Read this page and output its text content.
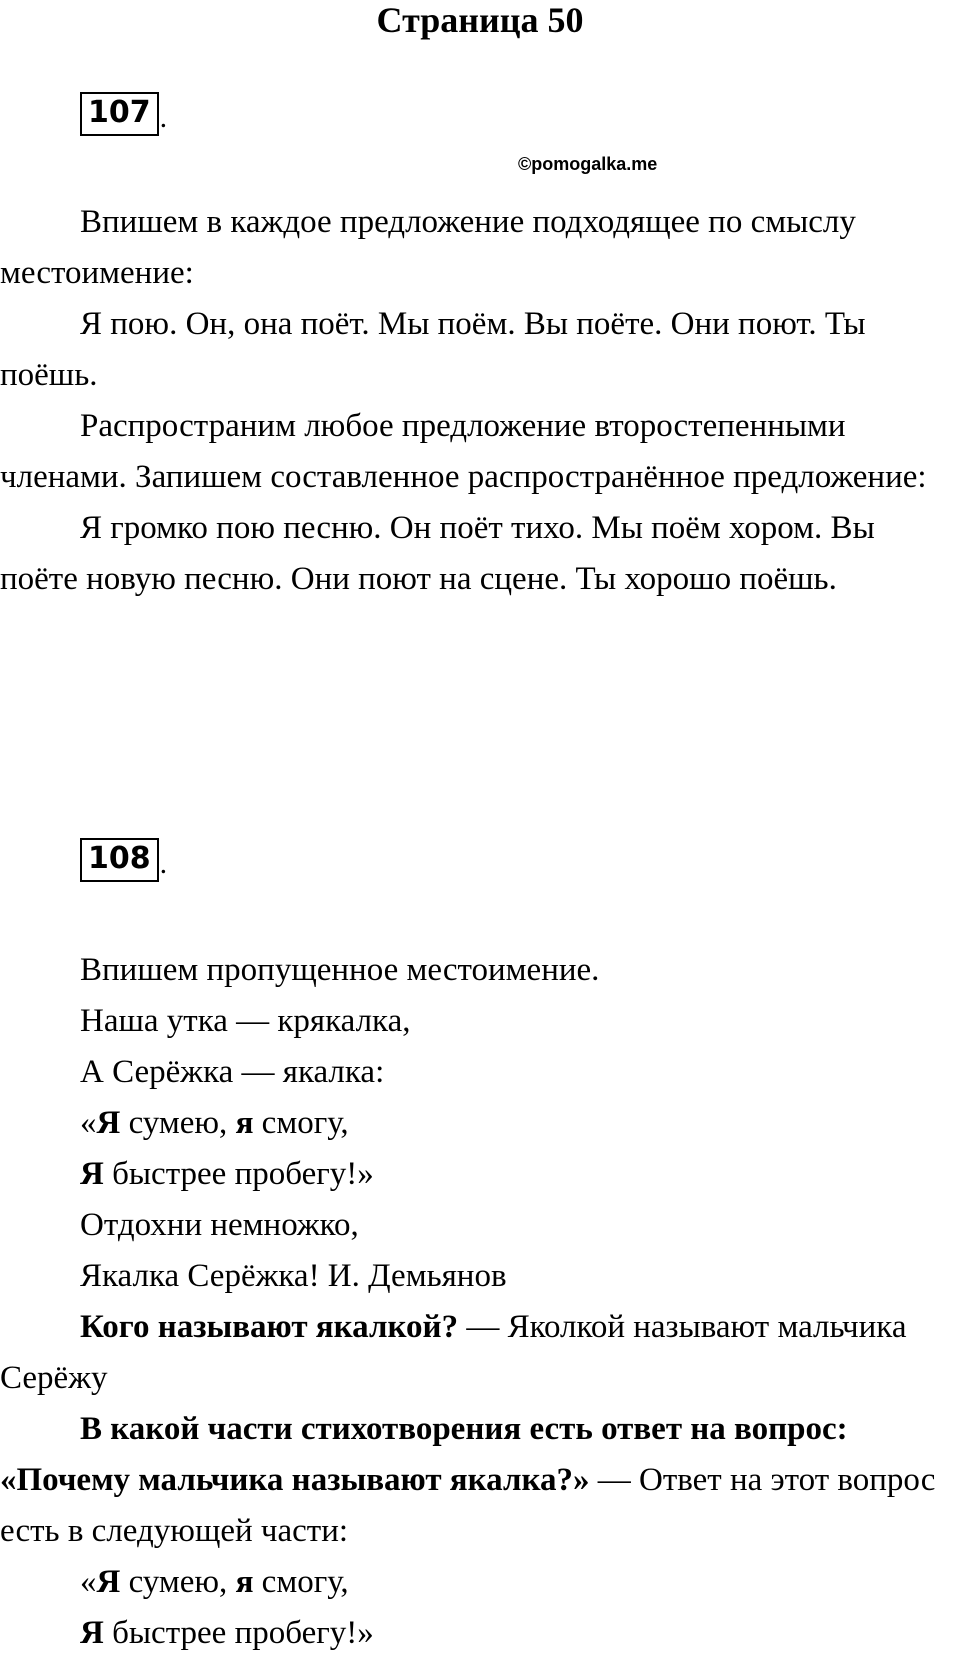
Страница 50
107 .
©pomogalka.me

Впишем в каждое предложение подходящее по смыслу местоимение:

Я пою. Он, она поёт. Мы поём. Вы поёте. Они поют. Ты поёшь.

Распространим любое предложение второстепенными членами. Запишем составленное распространённое предложение:

Я громко пою песню. Он поёт тихо. Мы поём хором. Вы поёте новую песню. Они поют на сцене. Ты хорошо поёшь.

108 .

Впишем пропущенное местоимение.

Наша утка — крякалка,

А Серёжка — якалка:

«Я сумею, я смогу,

Я быстрее пробегу!»

Отдохни немножко,

Якалка Серёжка! И. Демьянов

Кого называют якалкой? — Яколкой называют мальчика Серёжу

В какой части стихотворения есть ответ на вопрос: «Почему мальчика называют якалка?» — Ответ на этот вопрос есть в следующей части:

«Я сумею, я смогу,

Я быстрее пробегу!»
